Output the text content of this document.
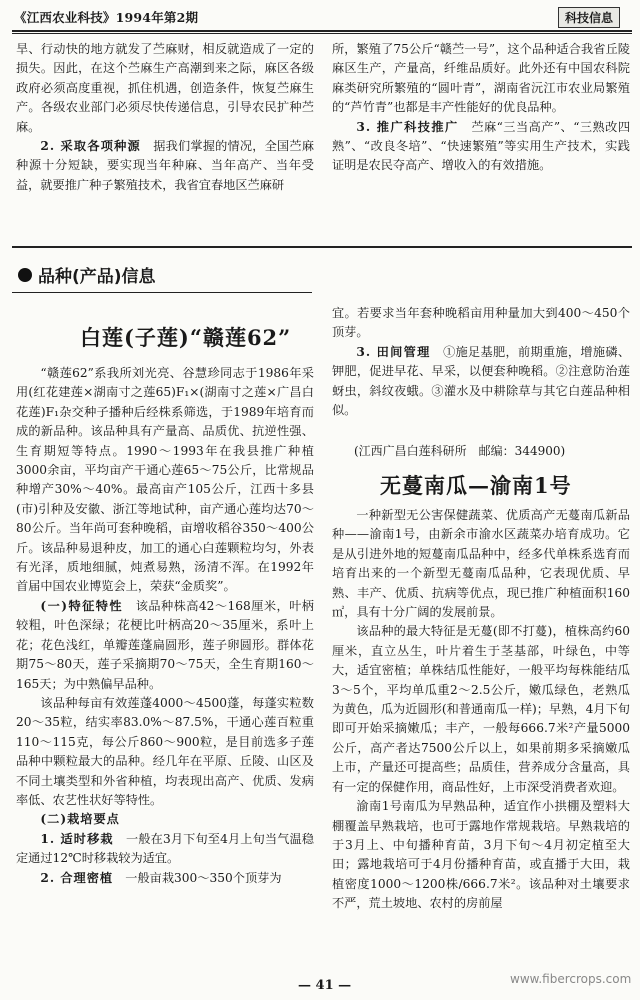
《江西农业科技》1994年第2期	科技信息

旱、行动快的地方就发了苎麻财，相反就造成了一定的损失。因此，在这个苎麻生产高潮到来之际，麻区各级政府必须高度重视，抓住机遇，创造条件，恢复苎麻生产。各级农业部门必须尽快传递信息，引导农民扩种苎麻。

2. 采取各项种源　 据我们掌握的情况，全国苎麻种源十分短缺，要实现当年种麻、当年高产、当年受益，就要推广种子繁殖技术，我省宜春地区苎麻研

所，繁殖了75公斤“赣苎一号”，这个品种适合我省丘陵麻区生产，产量高，纤维品质好。此外还有中国农科院麻类研究所繁殖的“圆叶青”，湖南省沅江市农业局繁殖的“芦竹青”也都是丰产性能好的优良品种。

3. 推广科技推广　 苎麻“三当高产”、“三熟改四熟”、“改良冬培”、“快速繁殖”等实用生产技术，实践证明是农民夺高产、增收入的有效措施。

品种(产品)信息
白莲(子莲)“赣莲62”

“赣莲62”系我所刘光亮、谷慧珍同志于1986年采用(红花建莲×湖南寸之莲65)F₁×(湖南寸之莲×广昌白花莲)F₁杂交种子播种后经株系筛选，于1989年培育而成的新品种。该品种具有产量高、品质优、抗逆性强、生育期短等特点。1990～1993年在我县推广种植3000余亩，平均亩产干通心莲65～75公斤，比常规品种增产30%～40%。最高亩产105公斤，江西十多县(市)引种及安徽、浙江等地试种，亩产通心莲均达70～80公斤。当年尚可套种晚稻，亩增收稻谷350～400公斤。该品种易退种皮，加工的通心白莲颗粒均匀，外表有光泽，质地细腻，炖煮易熟，汤清不浑。在1992年首届中国农业博览会上，荣获“金质奖”。

(一)特征特性　 该品种株高42～168厘米，叶柄较粗，叶色深绿；花梗比叶柄高20～35厘米，系叶上花；花色浅红，单瓣莲蓬扁圆形，莲子卵圆形。群体花期75～80天，莲子采摘期70～75天，全生育期160～165天；为中熟偏早品种。

该品种每亩有效莲蓬4000～4500蓬，每蓬实粒数20～35粒，结实率83.0%～87.5%，干通心莲百粒重110～115克，每公斤860～900粒，是目前选多子莲品种中颗粒最大的品种。经几年在平原、丘陵、山区及不同土壤类型和外省种植，均表现出高产、优质、发病率低、农艺性状好等特性。

(二)栽培要点

1. 适时移栽　 一般在3月下旬至4月上旬当气温稳定通过12℃时移栽较为适宜。

2. 合理密植　 一般亩栽300～350个顶芽为

宜。若要求当年套种晚稻亩用种量加大到400～450个顶芽。

3. 田间管理　 ①施足基肥，前期重施，增施磷、钾肥，促进早花、早采，以便套种晚稻。②注意防治莲蚜虫，斜纹夜蛾。③灌水及中耕除草与其它白莲品种相似。

(江西广昌白莲科研所　邮编：344900)
无蔓南瓜—渝南1号

一种新型无公害保健蔬菜、优质高产无蔓南瓜新品种——渝南1号，由新余市渝水区蔬菜办培育成功。它是从引进外地的短蔓南瓜品种中，经多代单株系选育而培育出来的一个新型无蔓南瓜品种，它表现优质、早熟、丰产、优质、抗病等优点，现已推广种植面积160㎡，具有十分广阔的发展前景。

该品种的最大特征是无蔓(即不打蔓)，植株高约60厘米，直立丛生，叶片着生于茎基部，叶绿色，中等大，适宜密植；单株结瓜性能好，一般平均每株能结瓜3～5个，平均单瓜重2～2.5公斤，嫩瓜绿色，老熟瓜为黄色，瓜为近圆形(和普通南瓜一样)；早熟，4月下旬即可开始采摘嫩瓜；丰产，一般每666.7米²产量5000公斤，高产者达7500公斤以上，如果前期多采摘嫩瓜上市，产量还可提高些；品质佳，营养成分含量高，具有一定的保健作用，商品性好，上市深受消费者欢迎。

渝南1号南瓜为早熟品种，适宜作小拱棚及塑料大棚覆盖早熟栽培，也可于露地作常规栽培。早熟栽培的于3月上、中旬播种育苗，3月下旬～4月初定植至大田；露地栽培可于4月份播种育苗，或直播于大田，栽植密度1000～1200株/666.7米²。该品种对土壤要求不严，荒土坡地、农村的房前屋

— 41 —	www.fibercrops.com
